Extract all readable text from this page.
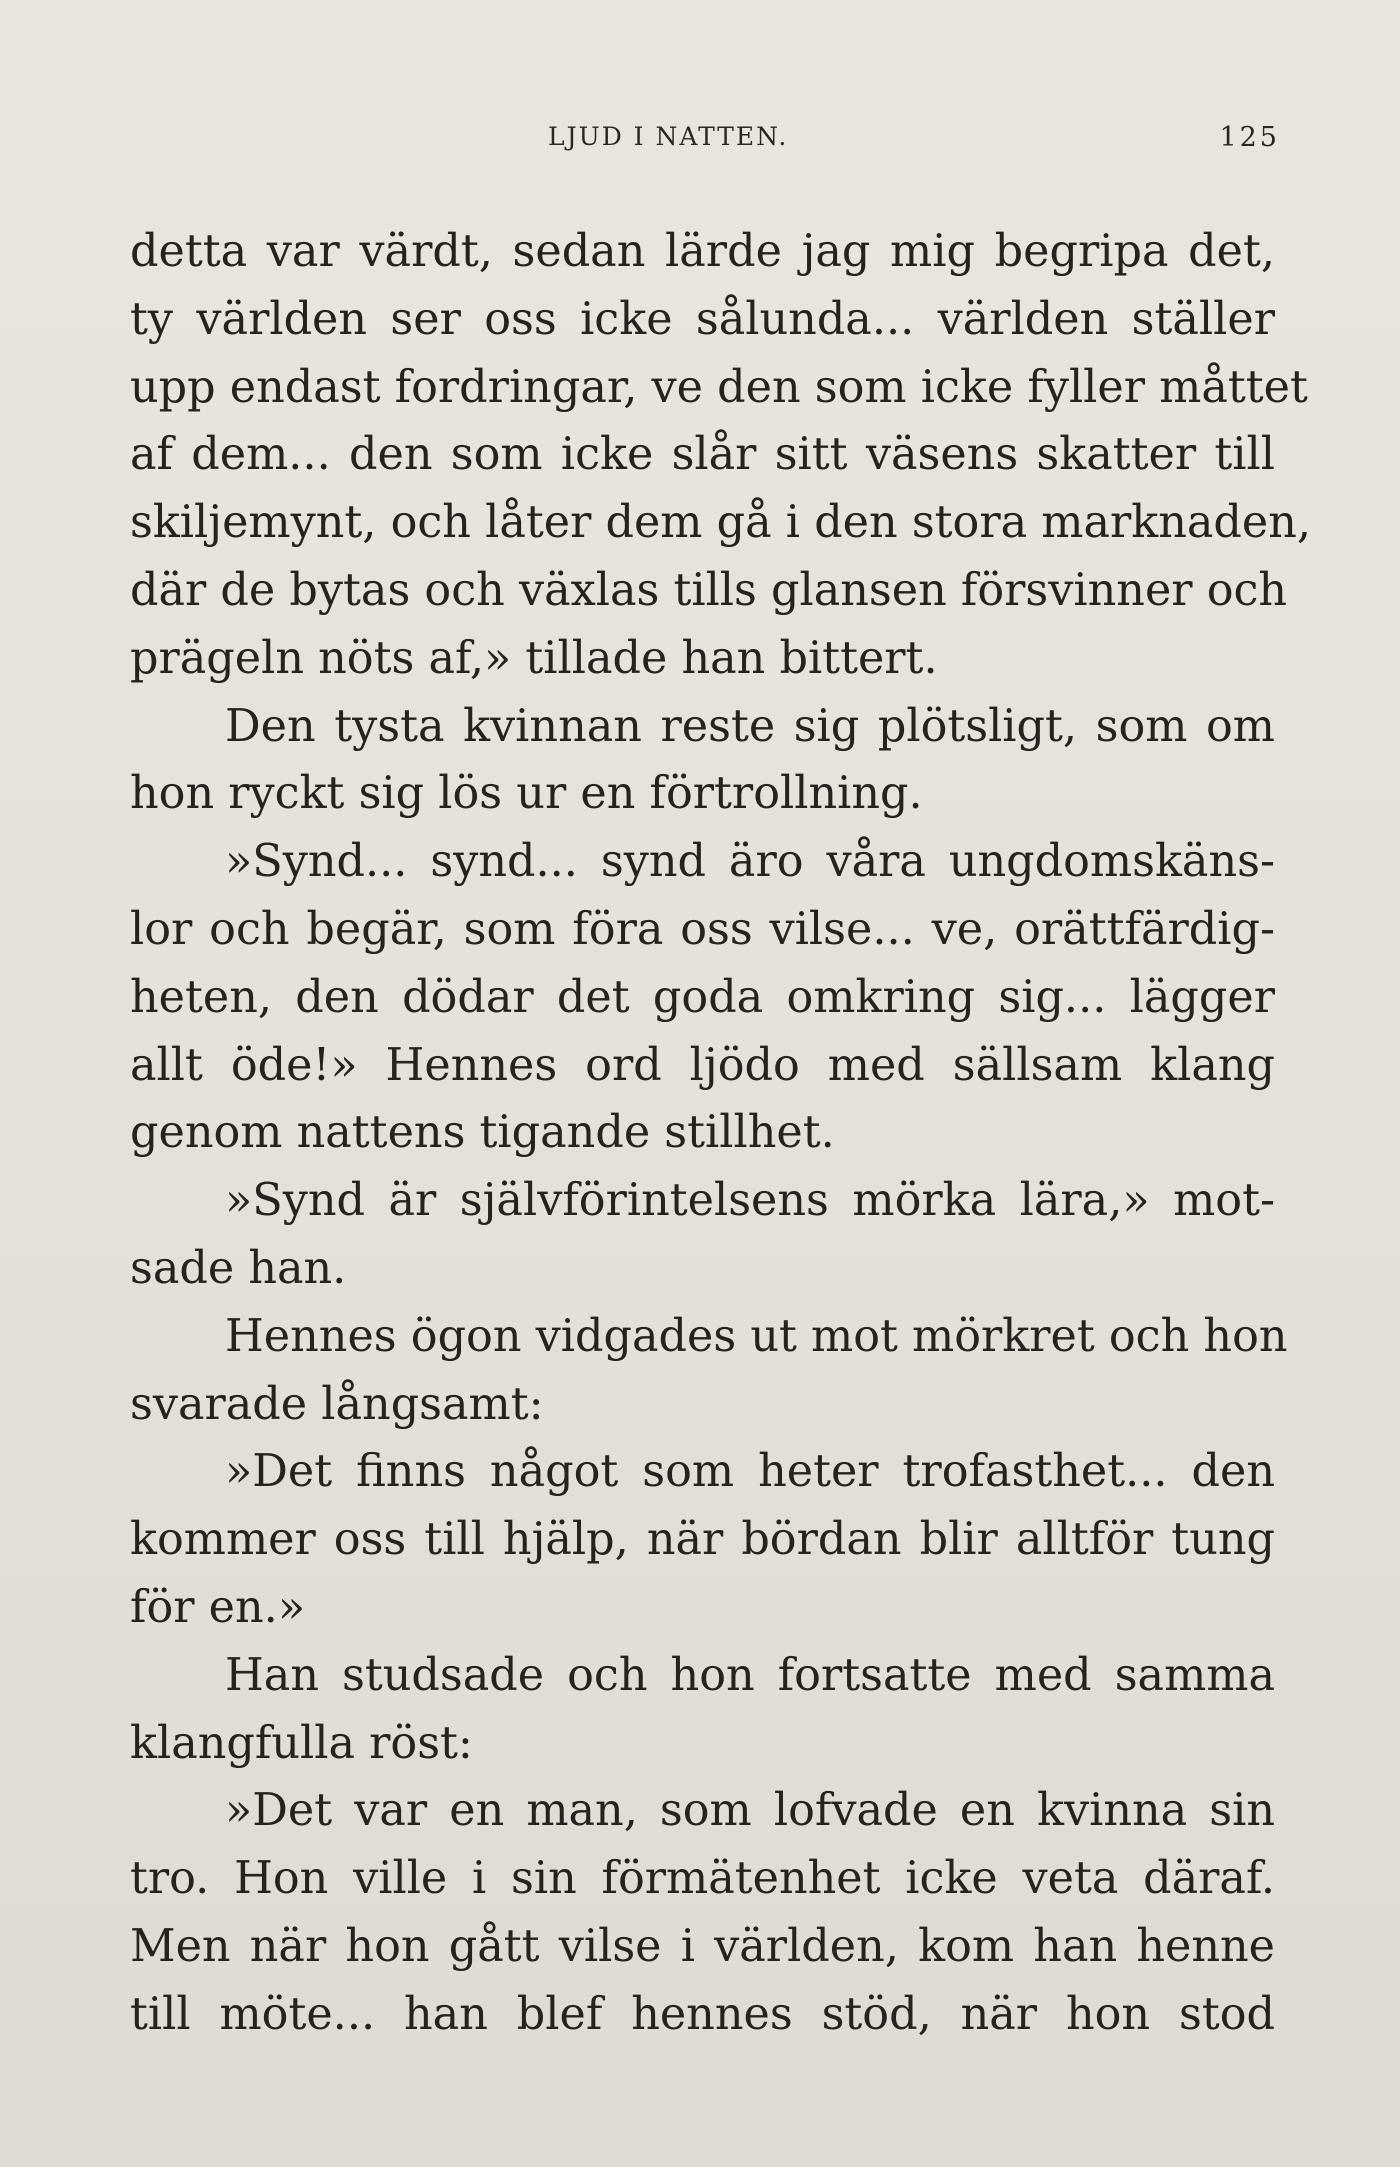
LJUD I NATTEN.	125
detta var värdt, sedan lärde jag mig begripa det,
ty världen ser oss icke sålunda... världen ställer
upp endast fordringar, ve den som icke fyller måttet
af dem... den som icke slår sitt väsens skatter till
skiljemynt, och låter dem gå i den stora marknaden,
där de bytas och växlas tills glansen försvinner och
prägeln nöts af,» tillade han bittert.
Den tysta kvinnan reste sig plötsligt, som om
hon ryckt sig lös ur en förtrollning.
»Synd... synd... synd äro våra ungdomskäns-
lor och begär, som föra oss vilse... ve, orättfärdig-
heten, den dödar det goda omkring sig... lägger
allt öde!» Hennes ord ljödo med sällsam klang
genom nattens tigande stillhet.
»Synd är självförintelsens mörka lära,» mot-
sade han.
Hennes ögon vidgades ut mot mörkret och hon
svarade långsamt:
»Det finns något som heter trofasthet... den
kommer oss till hjälp, när bördan blir alltför tung
för en.»
Han studsade och hon fortsatte med samma
klangfulla röst:
»Det var en man, som lofvade en kvinna sin
tro. Hon ville i sin förmätenhet icke veta däraf.
Men när hon gått vilse i världen, kom han henne
till möte... han blef hennes stöd, när hon stod
